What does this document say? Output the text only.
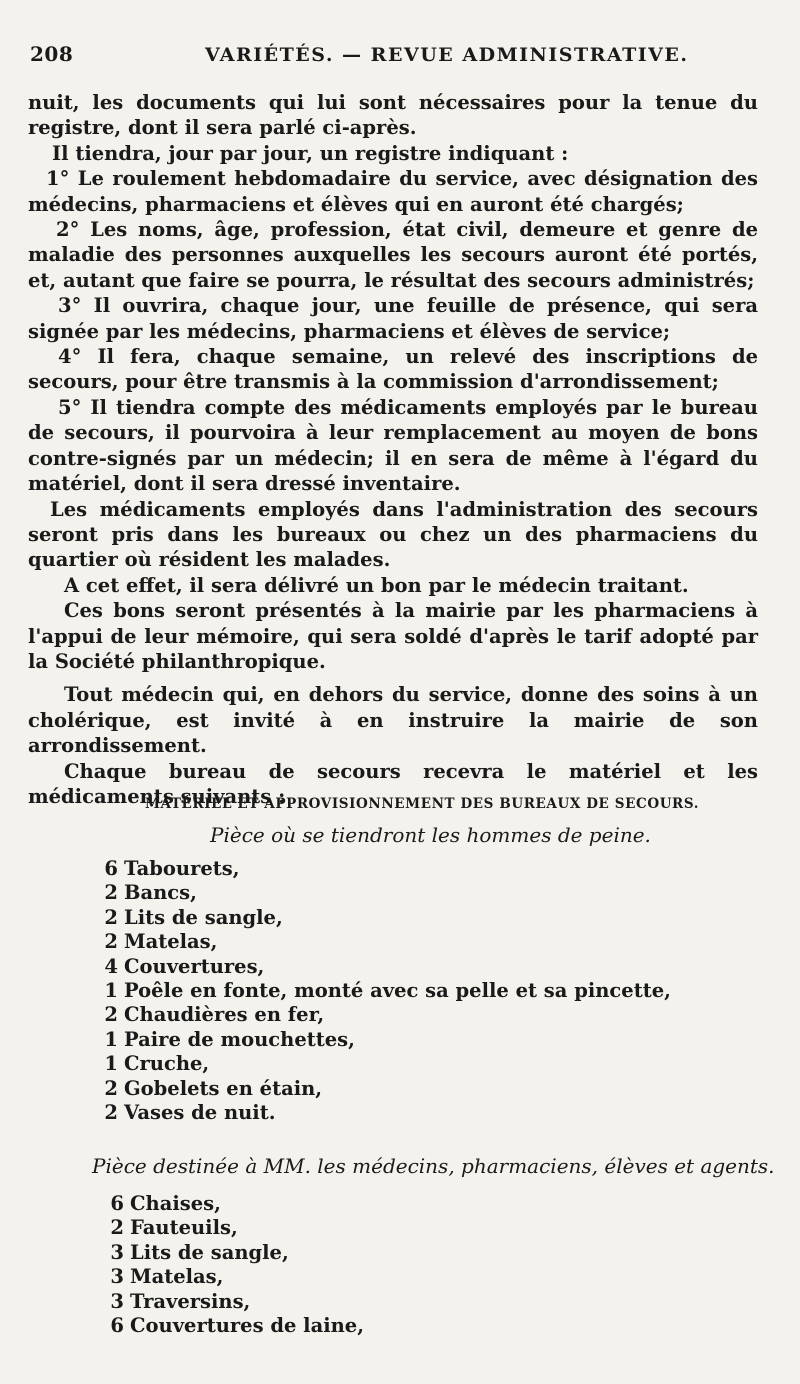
208	VARIÉTÉS. — REVUE ADMINISTRATIVE.

nuit, les documents qui lui sont nécessaires pour la tenue du registre, dont il sera parlé ci-après.

Il tiendra, jour par jour, un registre indiquant :

1° Le roulement hebdomadaire du service, avec désignation des médecins, pharmaciens et élèves qui en auront été chargés;

2° Les noms, âge, profession, état civil, demeure et genre de maladie des personnes auxquelles les secours auront été portés, et, autant que faire se pourra, le résultat des secours administrés;

3° Il ouvrira, chaque jour, une feuille de présence, qui sera signée par les médecins, pharmaciens et élèves de service;

4° Il fera, chaque semaine, un relevé des inscriptions de secours, pour être transmis à la commission d'arrondissement;

5° Il tiendra compte des médicaments employés par le bureau de secours, il pourvoira à leur remplacement au moyen de bons contre-signés par un médecin; il en sera de même à l'égard du matériel, dont il sera dressé inventaire.

Les médicaments employés dans l'administration des secours seront pris dans les bureaux ou chez un des pharmaciens du quartier où résident les malades.

A cet effet, il sera délivré un bon par le médecin traitant.

Ces bons seront présentés à la mairie par les pharmaciens à l'appui de leur mémoire, qui sera soldé d'après le tarif adopté par la Société philanthropique.

Tout médecin qui, en dehors du service, donne des soins à un cholérique, est invité à en instruire la mairie de son arrondissement.

Chaque bureau de secours recevra le matériel et les médicaments suivants :

MATÉRIEL ET APPROVISIONNEMENT DES BUREAUX DE SECOURS.
Pièce où se tiendront les hommes de peine.
6 Tabourets,
2 Bancs,
2 Lits de sangle,
2 Matelas,
4 Couvertures,
1 Poêle en fonte, monté avec sa pelle et sa pincette,
2 Chaudières en fer,
1 Paire de mouchettes,
1 Cruche,
2 Gobelets en étain,
2 Vases de nuit.
Pièce destinée à MM. les médecins, pharmaciens, élèves et agents.
6 Chaises,
2 Fauteuils,
3 Lits de sangle,
3 Matelas,
3 Traversins,
6 Couvertures de laine,
